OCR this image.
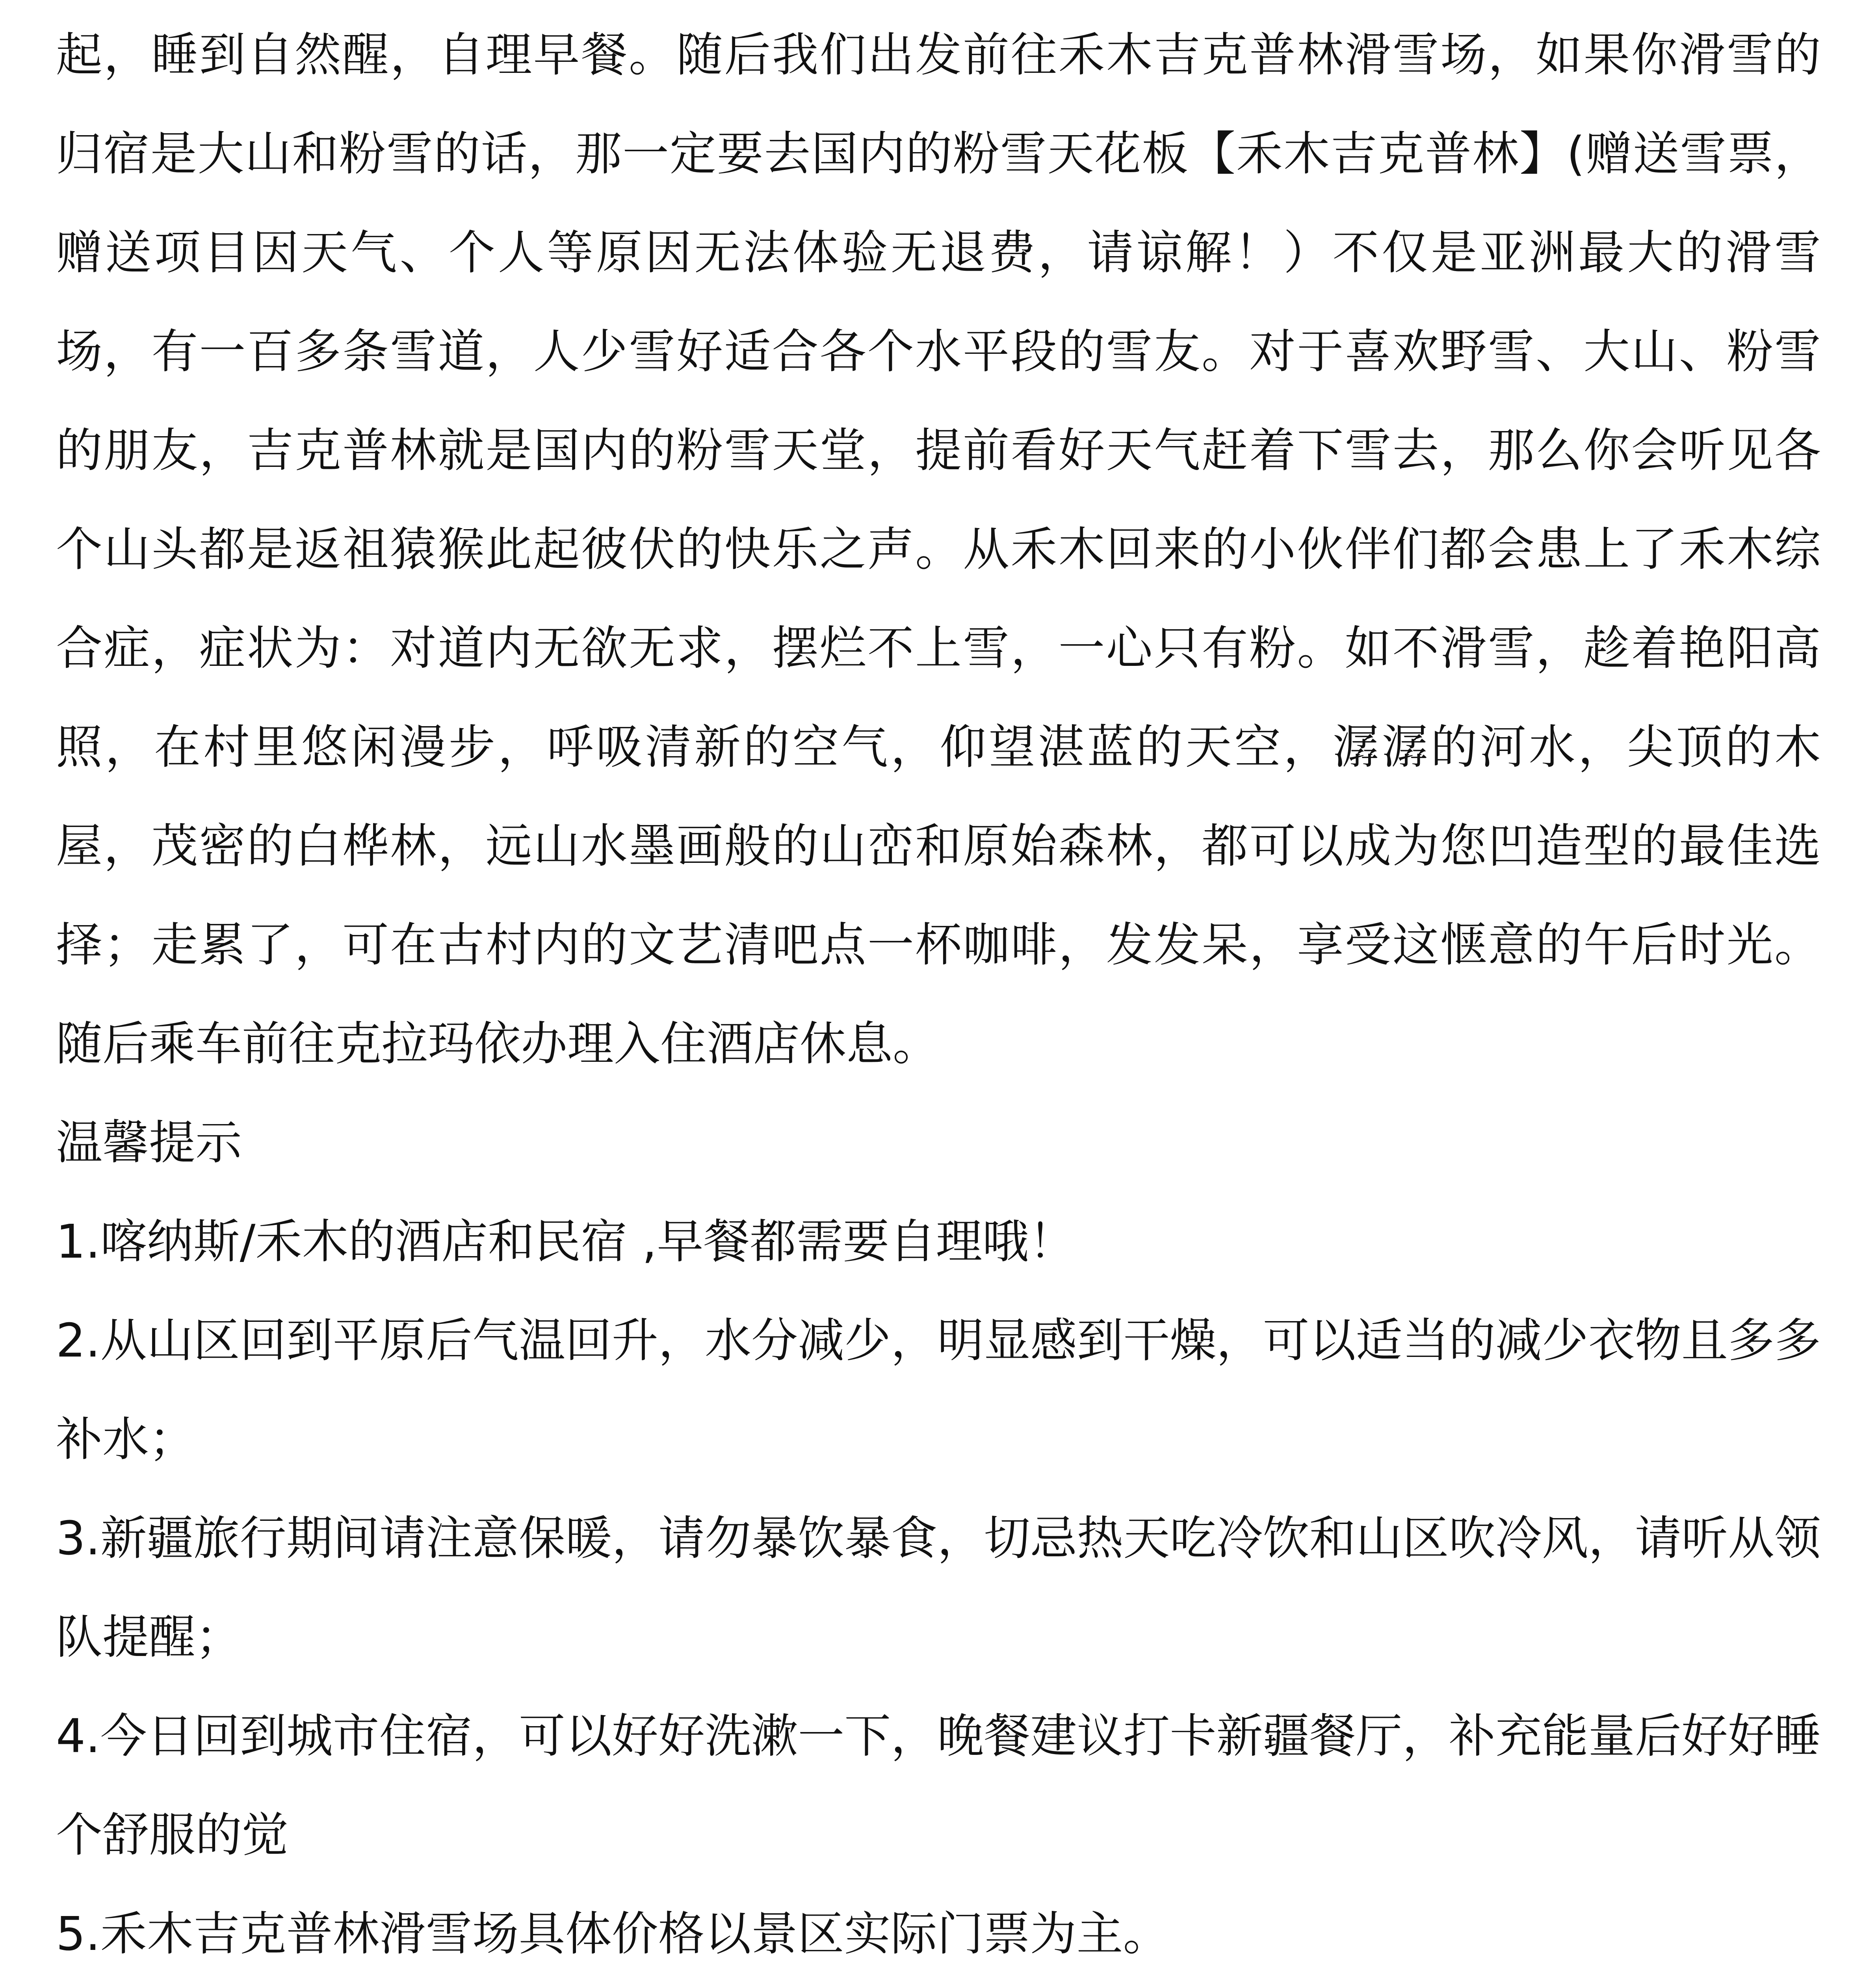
起，睡到自然醒，自理早餐。随后我们出发前往禾木吉克普林滑雪场，如果你滑雪的归宿是大山和粉雪的话，那一定要去国内的粉雪天花板【禾木吉克普林】(赠送雪票，赠送项目因天气、个人等原因无法体验无退费，请谅解！）不仅是亚洲最大的滑雪场，有一百多条雪道，人少雪好适合各个水平段的雪友。对于喜欢野雪、大山、粉雪的朋友，吉克普林就是国内的粉雪天堂，提前看好天气赶着下雪去，那么你会听见各个山头都是返祖猿猴此起彼伏的快乐之声。从禾木回来的小伙伴们都会患上了禾木综合症，症状为：对道内无欲无求，摆烂不上雪，一心只有粉。如不滑雪，趁着艳阳高照，在村里悠闲漫步，呼吸清新的空气，仰望湛蓝的天空，潺潺的河水，尖顶的木屋，茂密的白桦林，远山水墨画般的山峦和原始森林，都可以成为您凹造型的最佳选择；走累了，可在古村内的文艺清吧点一杯咖啡，发发呆，享受这惬意的午后时光。随后乘车前往克拉玛依办理入住酒店休息。

温馨提示

1.喀纳斯/禾木的酒店和民宿 ,早餐都需要自理哦！

2.从山区回到平原后气温回升，水分减少，明显感到干燥，可以适当的减少衣物且多多补水；

3.新疆旅行期间请注意保暖，请勿暴饮暴食，切忌热天吃冷饮和山区吹冷风，请听从领队提醒；

4.今日回到城市住宿，可以好好洗漱一下，晚餐建议打卡新疆餐厅，补充能量后好好睡个舒服的觉

5.禾木吉克普林滑雪场具体价格以景区实际门票为主。
